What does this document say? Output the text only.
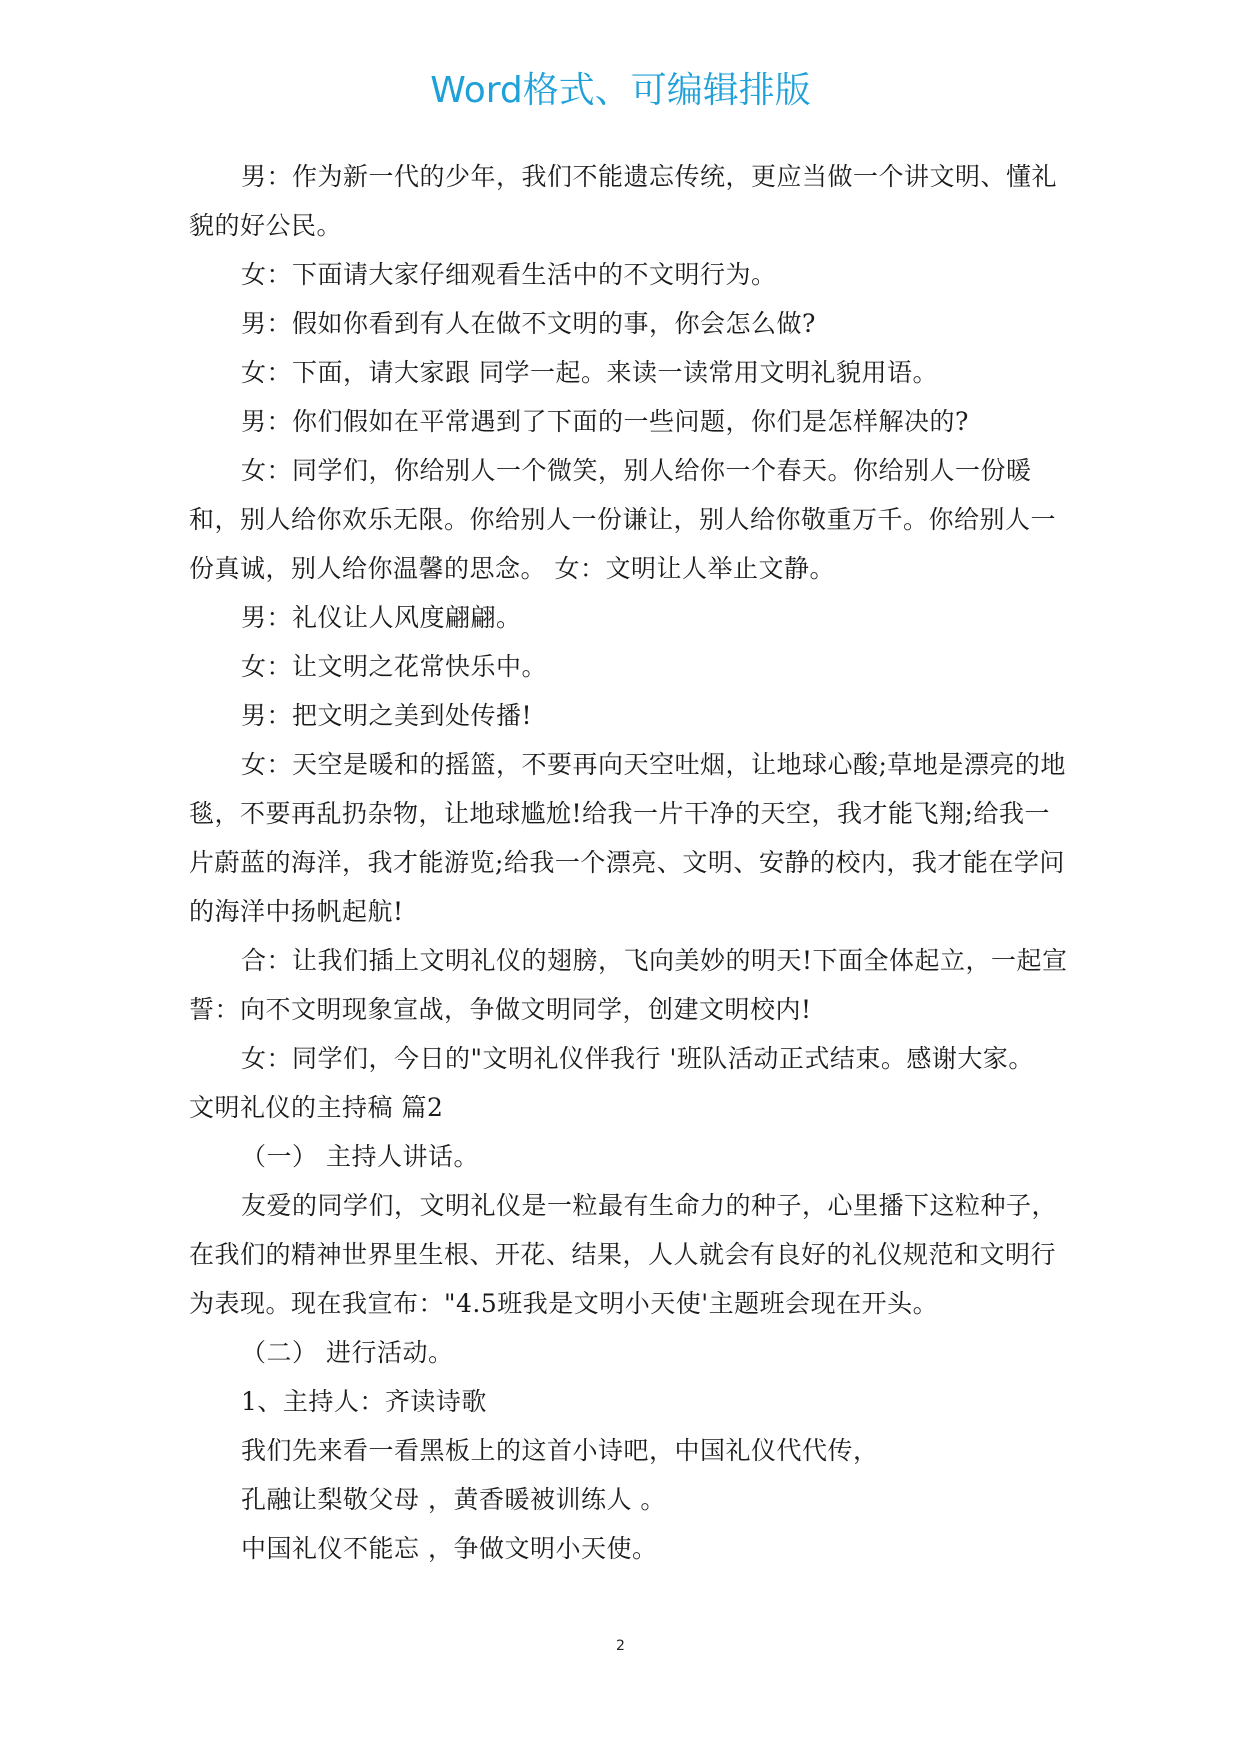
Word格式、可编辑排版

男：作为新一代的少年，我们不能遗忘传统，更应当做一个讲文明、懂礼貌的好公民。

女：下面请大家仔细观看生活中的不文明行为。

男：假如你看到有人在做不文明的事，你会怎么做?

女：下面，请大家跟 同学一起。来读一读常用文明礼貌用语。

男：你们假如在平常遇到了下面的一些问题，你们是怎样解决的?

女：同学们，你给别人一个微笑，别人给你一个春天。你给别人一份暖和，别人给你欢乐无限。你给别人一份谦让，别人给你敬重万千。你给别人一份真诚，别人给你温馨的思念。 女：文明让人举止文静。

男：礼仪让人风度翩翩。

女：让文明之花常快乐中。

男：把文明之美到处传播!

女：天空是暖和的摇篮，不要再向天空吐烟，让地球心酸;草地是漂亮的地毯，不要再乱扔杂物，让地球尴尬!给我一片干净的天空，我才能飞翔;给我一片蔚蓝的海洋，我才能游览;给我一个漂亮、文明、安静的校内，我才能在学问的海洋中扬帆起航!

合：让我们插上文明礼仪的翅膀，飞向美妙的明天!下面全体起立，一起宣誓：向不文明现象宣战，争做文明同学，创建文明校内!

女：同学们，今日的"文明礼仪伴我行 '班队活动正式结束。感谢大家。

文明礼仪的主持稿 篇2

（一） 主持人讲话。

友爱的同学们，文明礼仪是一粒最有生命力的种子，心里播下这粒种子，在我们的精神世界里生根、开花、结果，人人就会有良好的礼仪规范和文明行为表现。现在我宣布："4.5班我是文明小天使'主题班会现在开头。

（二） 进行活动。

1、主持人：齐读诗歌

我们先来看一看黑板上的这首小诗吧，中国礼仪代代传，

孔融让梨敬父母 ，黄香暖被训练人 。

中国礼仪不能忘 ，争做文明小天使。

2
